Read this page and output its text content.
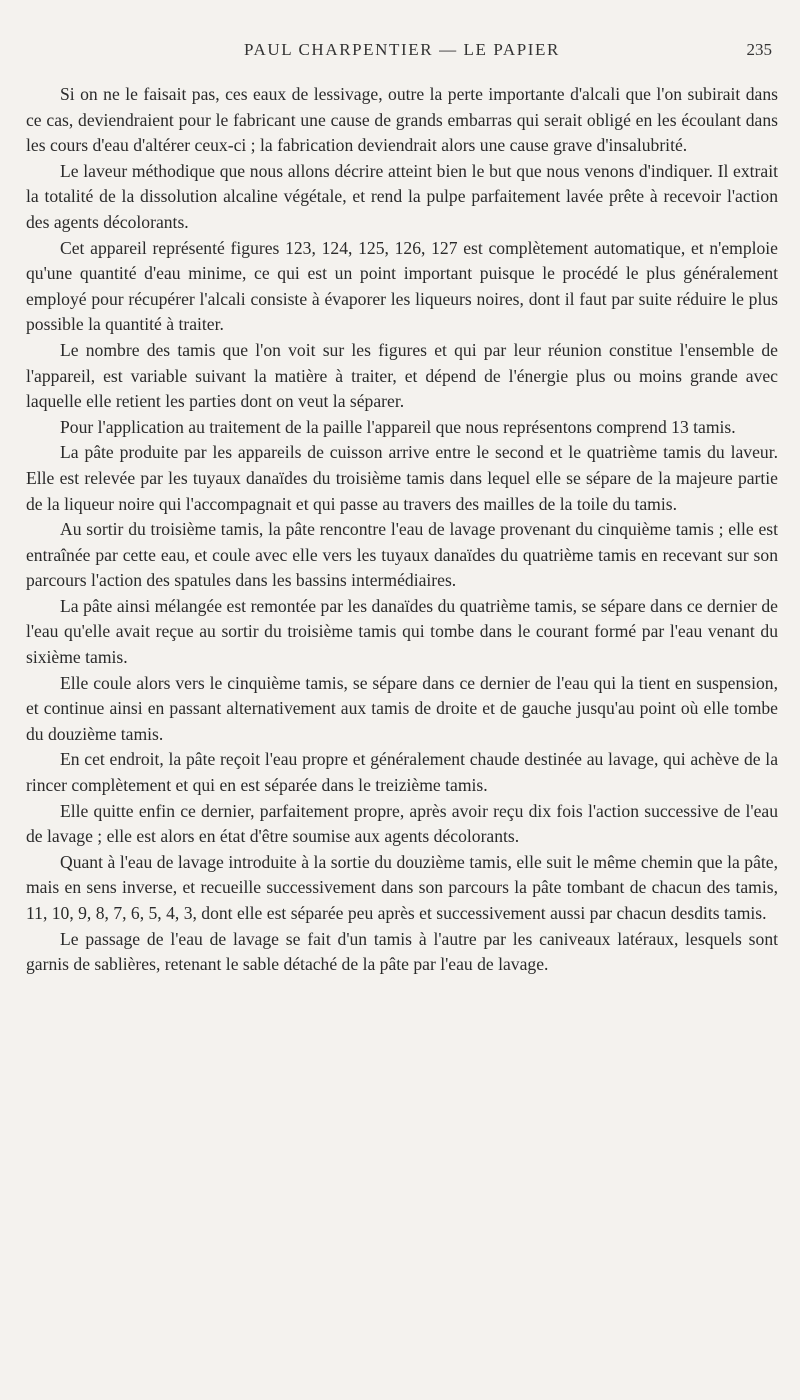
PAUL CHARPENTIER — LE PAPIER	235

Si on ne le faisait pas, ces eaux de lessivage, outre la perte importante d'alcali que l'on subirait dans ce cas, deviendraient pour le fabricant une cause de grands embarras qui serait obligé en les écoulant dans les cours d'eau d'altérer ceux-ci ; la fabrication deviendrait alors une cause grave d'insalubrité.

Le laveur méthodique que nous allons décrire atteint bien le but que nous venons d'indiquer. Il extrait la totalité de la dissolution alcaline végétale, et rend la pulpe parfaitement lavée prête à recevoir l'action des agents décolorants.

Cet appareil représenté figures 123, 124, 125, 126, 127 est complètement automatique, et n'emploie qu'une quantité d'eau minime, ce qui est un point important puisque le procédé le plus généralement employé pour récupérer l'alcali consiste à évaporer les liqueurs noires, dont il faut par suite réduire le plus possible la quantité à traiter.

Le nombre des tamis que l'on voit sur les figures et qui par leur réunion constitue l'ensemble de l'appareil, est variable suivant la matière à traiter, et dépend de l'énergie plus ou moins grande avec laquelle elle retient les parties dont on veut la séparer.

Pour l'application au traitement de la paille l'appareil que nous représentons comprend 13 tamis.

La pâte produite par les appareils de cuisson arrive entre le second et le quatrième tamis du laveur. Elle est relevée par les tuyaux danaïdes du troisième tamis dans lequel elle se sépare de la majeure partie de la liqueur noire qui l'accompagnait et qui passe au travers des mailles de la toile du tamis.

Au sortir du troisième tamis, la pâte rencontre l'eau de lavage provenant du cinquième tamis ; elle est entraînée par cette eau, et coule avec elle vers les tuyaux danaïdes du quatrième tamis en recevant sur son parcours l'action des spatules dans les bassins intermédiaires.

La pâte ainsi mélangée est remontée par les danaïdes du quatrième tamis, se sépare dans ce dernier de l'eau qu'elle avait reçue au sortir du troisième tamis qui tombe dans le courant formé par l'eau venant du sixième tamis.

Elle coule alors vers le cinquième tamis, se sépare dans ce dernier de l'eau qui la tient en suspension, et continue ainsi en passant alternativement aux tamis de droite et de gauche jusqu'au point où elle tombe du douzième tamis.

En cet endroit, la pâte reçoit l'eau propre et généralement chaude destinée au lavage, qui achève de la rincer complètement et qui en est séparée dans le treizième tamis.

Elle quitte enfin ce dernier, parfaitement propre, après avoir reçu dix fois l'action successive de l'eau de lavage ; elle est alors en état d'être soumise aux agents décolorants.

Quant à l'eau de lavage introduite à la sortie du douzième tamis, elle suit le même chemin que la pâte, mais en sens inverse, et recueille successivement dans son parcours la pâte tombant de chacun des tamis, 11, 10, 9, 8, 7, 6, 5, 4, 3, dont elle est séparée peu après et successivement aussi par chacun desdits tamis.

Le passage de l'eau de lavage se fait d'un tamis à l'autre par les caniveaux latéraux, lesquels sont garnis de sablières, retenant le sable détaché de la pâte par l'eau de lavage.
